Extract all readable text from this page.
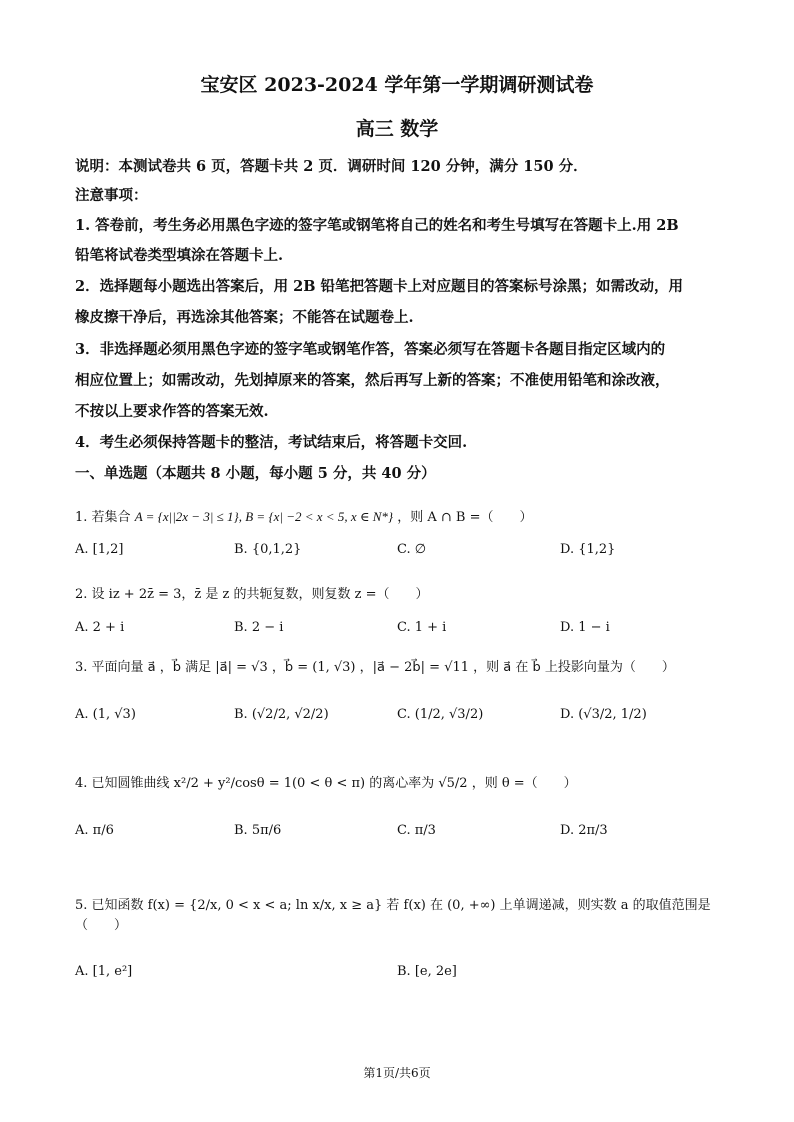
宝安区 2023-2024 学年第一学期调研测试卷
高三 数学
说明：本测试卷共 6 页，答题卡共 2 页．调研时间 120 分钟，满分 150 分．
注意事项：
1. 答卷前，考生务必用黑色字迹的签字笔或钢笔将自己的姓名和考生号填写在答题卡上.用 2B
铅笔将试卷类型填涂在答题卡上.
2．选择题每小题选出答案后，用 2B 铅笔把答题卡上对应题目的答案标号涂黑；如需改动，用
橡皮擦干净后，再选涂其他答案；不能答在试题卷上.
3．非选择题必须用黑色字迹的签字笔或钢笔作答，答案必须写在答题卡各题目指定区域内的
相应位置上；如需改动，先划掉原来的答案，然后再写上新的答案；不准使用铅笔和涂改液，
不按以上要求作答的答案无效.
4．考生必须保持答题卡的整洁，考试结束后，将答题卡交回.
一、单选题（本题共 8 小题，每小题 5 分，共 40 分）
1. 若集合 A = {x||2x − 3| ≤ 1}, B = {x| −2 < x < 5, x ∈ N*} ，则 A ∩ B =（　　）
A. [1,2]	B. {0,1,2}	C. ∅	D. {1,2}
2. 设 iz + 2z̄ = 3，z̄ 是 z 的共轭复数，则复数 z =（　　）
A. 2 + i	B. 2 − i	C. 1 + i	D. 1 − i
3. 平面向量 a⃗ ，b⃗ 满足 |a⃗| = √3 ，b⃗ = (1, √3) ，|a⃗ − 2b⃗| = √11 ，则 a⃗ 在 b⃗ 上投影向量为（　　）
A. (1, √3)	B. (√2/2, √2/2)	C. (1/2, √3/2)	D. (√3/2, 1/2)
4. 已知圆锥曲线 x²/2 + y²/cosθ = 1(0 < θ < π) 的离心率为 √5/2 ，则 θ =（　　）
A. π/6	B. 5π/6	C. π/3	D. 2π/3
5. 已知函数 f(x) = {2/x, 0 < x < a; ln x/x, x ≥ a} 若 f(x) 在 (0, +∞) 上单调递减，则实数 a 的取值范围是（　　）
A. [1, e²]	B. [e, 2e]
第1页/共6页
